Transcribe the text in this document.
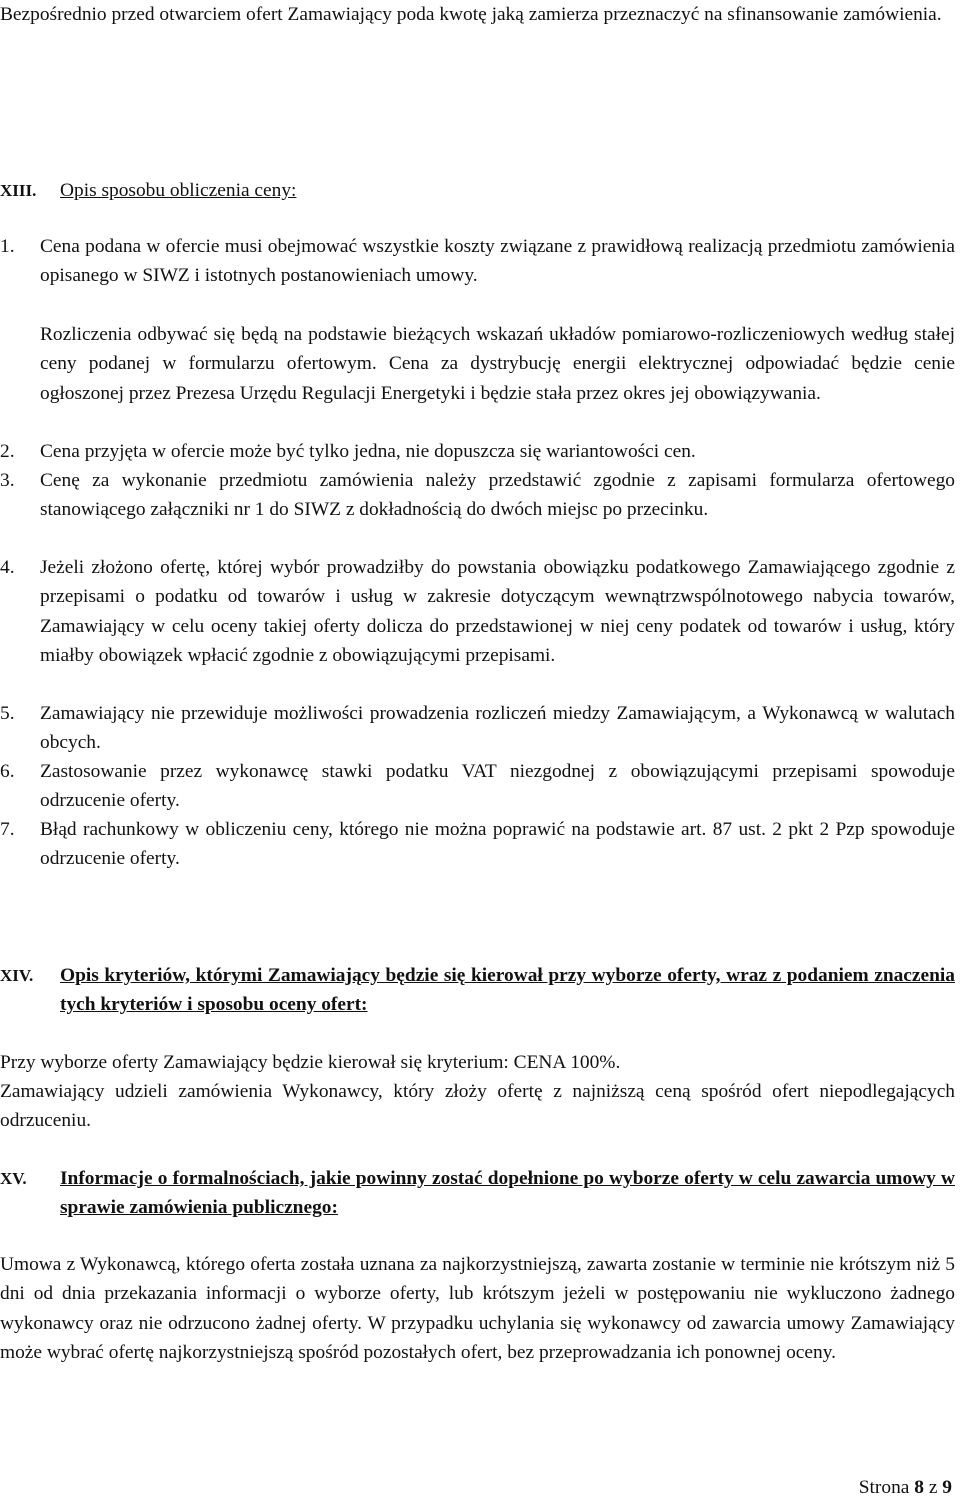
Bezpośrednio przed otwarciem ofert Zamawiający poda kwotę jaką zamierza przeznaczyć na sfinansowanie zamówienia.

XIII. Opis sposobu obliczenia ceny:
1.	Cena podana w ofercie musi obejmować wszystkie koszty związane z prawidłową realizacją przedmiotu zamówienia opisanego w SIWZ i istotnych postanowieniach umowy.
Rozliczenia odbywać się będą na podstawie bieżących wskazań układów pomiarowo-rozliczeniowych według stałej ceny podanej w formularzu ofertowym. Cena za dystrybucję energii elektrycznej odpowiadać będzie cenie ogłoszonej przez Prezesa Urzędu Regulacji Energetyki i będzie stała przez okres jej obowiązywania.
2.	Cena przyjęta w ofercie może być tylko jedna, nie dopuszcza się wariantowości cen.
3.	Cenę za wykonanie przedmiotu zamówienia należy przedstawić zgodnie z zapisami formularza ofertowego stanowiącego załączniki nr 1 do SIWZ z dokładnością do dwóch miejsc po przecinku.
4.	Jeżeli złożono ofertę, której wybór prowadziłby do powstania obowiązku podatkowego Zamawiającego zgodnie z przepisami o podatku od towarów i usług w zakresie dotyczącym wewnątrzwspólnotowego nabycia towarów, Zamawiający w celu oceny takiej oferty dolicza do przedstawionej w niej ceny podatek od towarów i usług, który miałby obowiązek wpłacić zgodnie z obowiązującymi przepisami.
5.	Zamawiający nie przewiduje możliwości prowadzenia rozliczeń miedzy Zamawiającym, a Wykonawcą w walutach obcych.
6.	Zastosowanie przez wykonawcę stawki podatku VAT niezgodnej z obowiązującymi przepisami spowoduje odrzucenie oferty.
7.	Błąd rachunkowy w obliczeniu ceny, którego nie można poprawić na podstawie art. 87 ust. 2 pkt 2 Pzp spowoduje odrzucenie oferty.
XIV. Opis kryteriów, którymi Zamawiający będzie się kierował przy wyborze oferty, wraz z podaniem znaczenia tych kryteriów i sposobu oceny ofert:

Przy wyborze oferty Zamawiający będzie kierował się kryterium: CENA 100%.

Zamawiający udzieli zamówienia Wykonawcy, który złoży ofertę z najniższą ceną spośród ofert niepodlegających odrzuceniu.

XV. Informacje o formalnościach, jakie powinny zostać dopełnione po wyborze oferty w celu zawarcia umowy w sprawie zamówienia publicznego:

Umowa z Wykonawcą, którego oferta została uznana za najkorzystniejszą, zawarta zostanie w terminie nie krótszym niż 5 dni od dnia przekazania informacji o wyborze oferty, lub krótszym jeżeli w postępowaniu nie wykluczono żadnego wykonawcy oraz nie odrzucono żadnej oferty. W przypadku uchylania się wykonawcy od zawarcia umowy Zamawiający może wybrać ofertę najkorzystniejszą spośród pozostałych ofert, bez przeprowadzania ich ponownej oceny.

Strona 8 z 9
